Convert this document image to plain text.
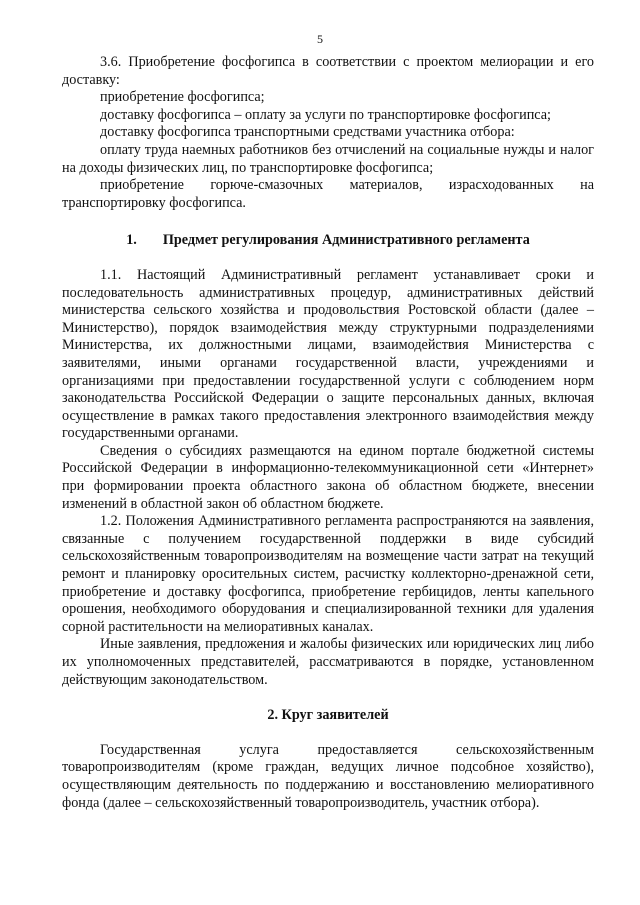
5

3.6. Приобретение фосфогипса в соответствии с проектом мелиорации и его доставку:

приобретение фосфогипса;

доставку фосфогипса – оплату за услуги по транспортировке фосфогипса;

доставку фосфогипса транспортными средствами участника отбора:

оплату труда наемных работников без отчислений на социальные нужды и налог на доходы физических лиц, по транспортировке фосфогипса;

приобретение горюче-смазочных материалов, израсходованных на транспортировку фосфогипса.

1. Предмет регулирования Административного регламента

1.1. Настоящий Административный регламент устанавливает сроки и последовательность административных процедур, административных действий министерства сельского хозяйства и продовольствия Ростовской области (далее – Министерство), порядок взаимодействия между структурными подразделениями Министерства, их должностными лицами, взаимодействия Министерства с заявителями, иными органами государственной власти, учреждениями и организациями при предоставлении государственной услуги с соблюдением норм законодательства Российской Федерации о защите персональных данных, включая осуществление в рамках такого предоставления электронного взаимодействия между государственными органами.

Сведения о субсидиях размещаются на едином портале бюджетной системы Российской Федерации в информационно-телекоммуникационной сети «Интернет» при формировании проекта областного закона об областном бюджете, внесении изменений в областной закон об областном бюджете.

1.2. Положения Административного регламента распространяются на заявления, связанные с получением государственной поддержки в виде субсидий сельскохозяйственным товаропроизводителям на возмещение части затрат на текущий ремонт и планировку оросительных систем, расчистку коллекторно-дренажной сети, приобретение и доставку фосфогипса, приобретение гербицидов, ленты капельного орошения, необходимого оборудования и специализированной техники для удаления сорной растительности на мелиоративных каналах.

Иные заявления, предложения и жалобы физических или юридических лиц либо их уполномоченных представителей, рассматриваются в порядке, установленном действующим законодательством.

2. Круг заявителей

Государственная услуга предоставляется сельскохозяйственным товаропроизводителям (кроме граждан, ведущих личное подсобное хозяйство), осуществляющим деятельность по поддержанию и восстановлению мелиоративного фонда (далее – сельскохозяйственный товаропроизводитель, участник отбора).
